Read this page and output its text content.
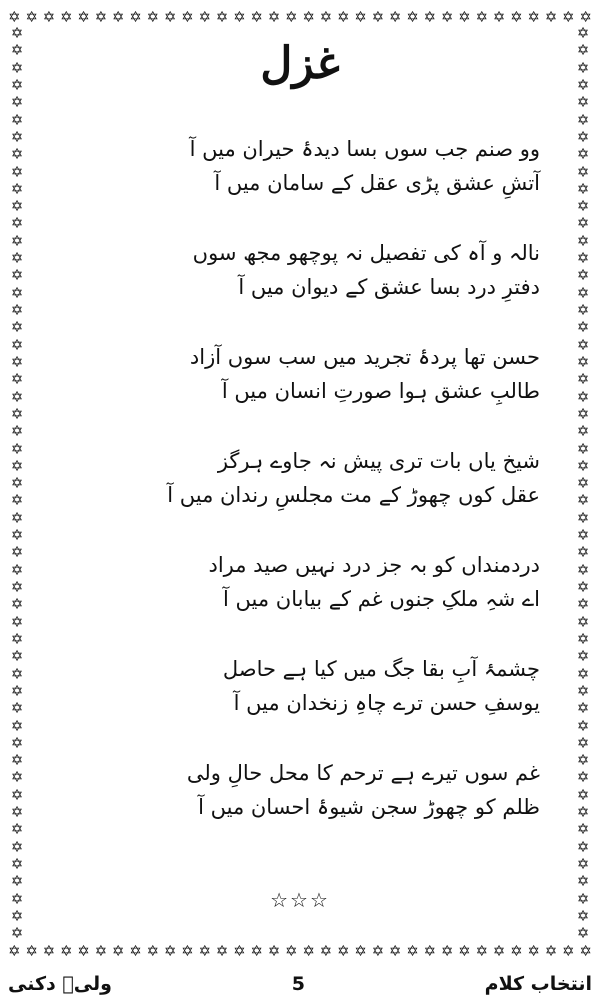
✡ ✡ ✡ ✡ ✡ ✡ ✡ ✡ ✡ ✡ ✡ ✡ ✡ ✡ ✡ ✡ ✡ ✡ ✡ ✡ ✡ ✡ ✡ ✡ ✡ ✡ ✡ ✡ ✡ ✡ ✡ ✡ ✡ ✡
✡ ✡ ✡ ✡ ✡ ✡ ✡ ✡ ✡ ✡ ✡ ✡ ✡ ✡ ✡ ✡ ✡ ✡ ✡ ✡ ✡ ✡ ✡ ✡ ✡ ✡ ✡ ✡ ✡ ✡ ✡ ✡ ✡ ✡
✡
✡
✡
✡
✡
✡
✡
✡
✡
✡
✡
✡
✡
✡
✡
✡
✡
✡
✡
✡
✡
✡
✡
✡
✡
✡
✡
✡
✡
✡
✡
✡
✡
✡
✡
✡
✡
✡
✡
✡
✡
✡
✡
✡
✡
✡
✡
✡
✡
✡
✡
✡
✡
✡
✡
✡
✡
✡
✡
✡
✡
✡
✡
✡
✡
✡
✡
✡
✡
✡
✡
✡
✡
✡
✡
✡
✡
✡
✡
✡
✡
✡
✡
✡
✡
✡
✡
✡
✡
✡
✡
✡
✡
✡
✡
✡
✡
✡
✡
✡
✡
✡
✡
✡
✡
✡
غزل
وو صنم جب سوں بسا دیدۂ حیران میں آ
آتشِ عشق پڑی عقل کے سامان میں آ
نالہ و آہ کی تفصیل نہ پوچھو مجھ سوں
دفترِ درد بسا عشق کے دیوان میں آ
حسن تھا پردۂ تجرید میں سب سوں آزاد
طالبِ عشق ہوا صورتِ انسان میں آ
شیخ یاں بات تری پیش نہ جاوے ہرگز
عقل کوں چھوڑ کے مت مجلسِ رندان میں آ
دردمنداں کو بہ جز درد نہیں صید مراد
اے شہِ ملکِ جنوں غم کے بیابان میں آ
چشمۂ آبِ بقا جگ میں کیا ہے حاصل
یوسفِ حسن ترے چاہِ زنخدان میں آ
غم سوں تیرے ہے ترحم کا محل حالِ ولی
ظلم کو چھوڑ سجن شیوۂ احسان میں آ
☆☆☆
ولیؔ دکنی	5	انتخاب کلام
